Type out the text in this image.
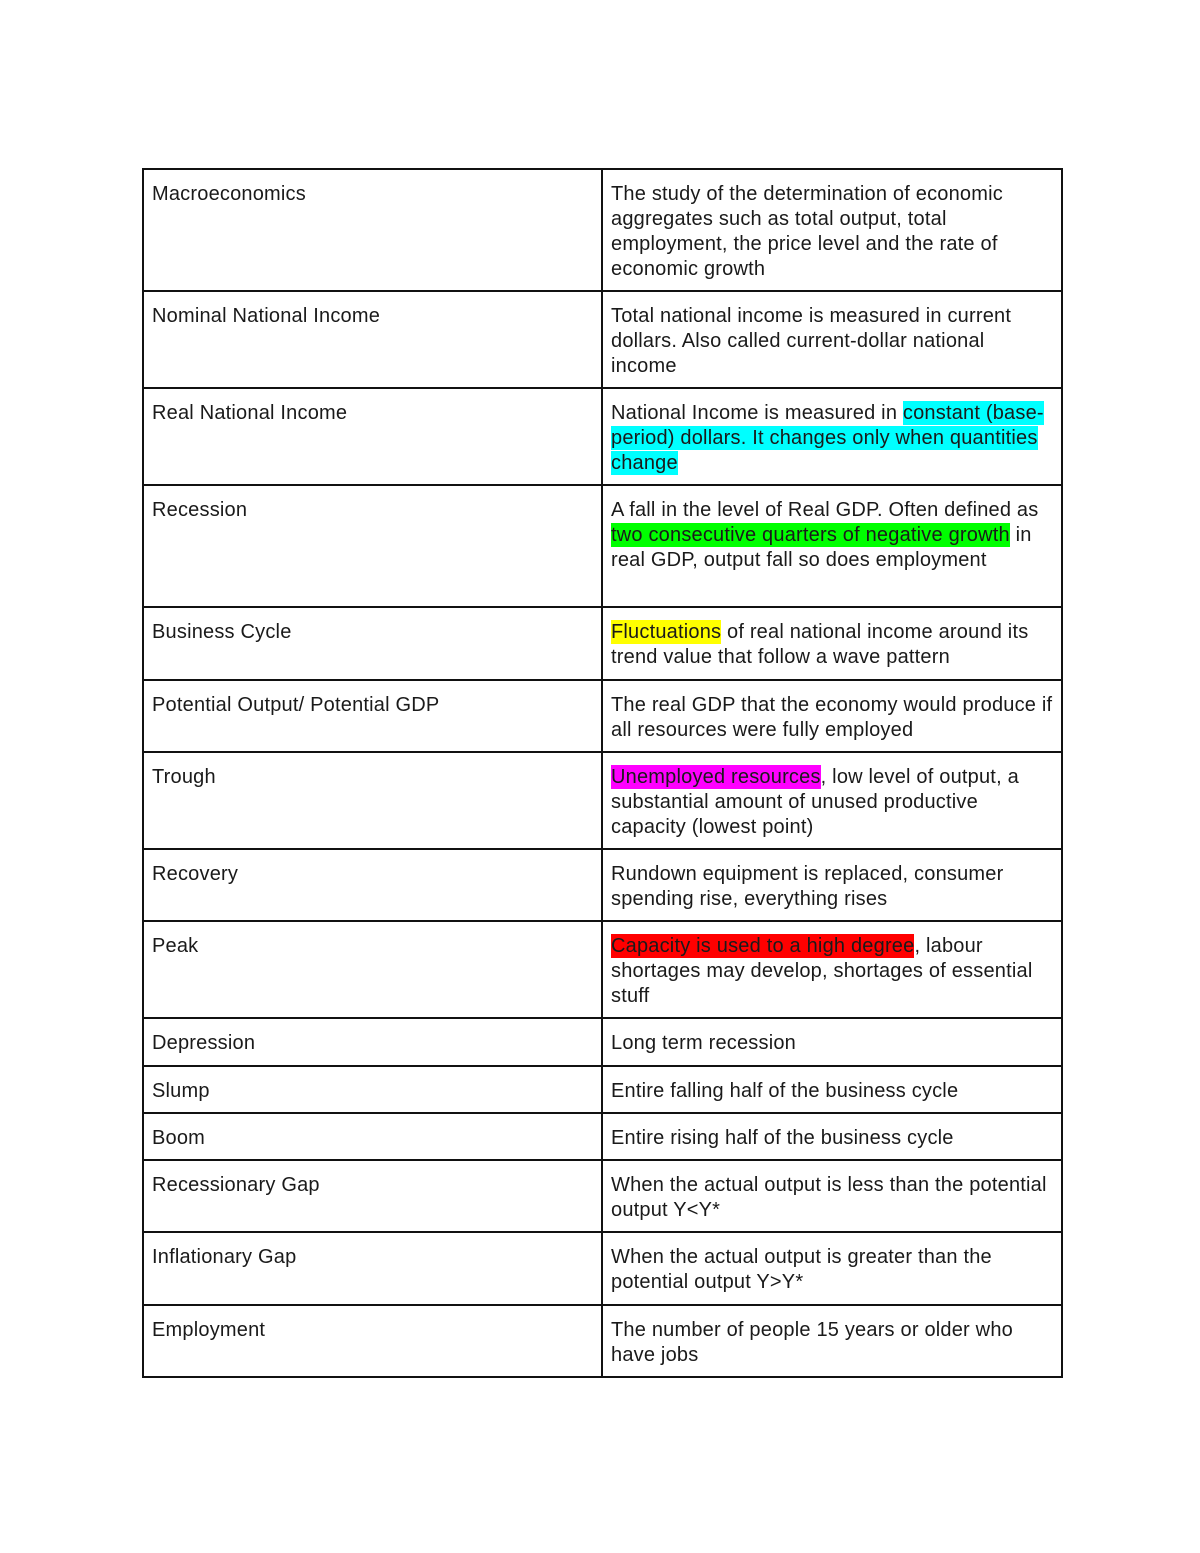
Macroeconomics	The study of the determination of economic aggregates such as total output, total employment, the price level and the rate of economic growth
Nominal National Income	Total national income is measured in current dollars. Also called current-dollar national income
Real National Income	National Income is measured in constant (base-period) dollars. It changes only when quantities change
Recession	A fall in the level of Real GDP. Often defined as two consecutive quarters of negative growth in real GDP, output fall so does employment
Business Cycle	Fluctuations of real national income around its trend value that follow a wave pattern
Potential Output/ Potential GDP	The real GDP that the economy would produce if all resources were fully employed
Trough	Unemployed resources, low level of output, a substantial amount of unused productive capacity (lowest point)
Recovery	Rundown equipment is replaced, consumer spending rise, everything rises
Peak	Capacity is used to a high degree, labour shortages may develop, shortages of essential stuff
Depression	Long term recession
Slump	Entire falling half of the business cycle
Boom	Entire rising half of the business cycle
Recessionary Gap	When the actual output is less than the potential output Y<Y*
Inflationary Gap	When the actual output is greater than the potential output Y>Y*
Employment	The number of people 15 years or older who have jobs
